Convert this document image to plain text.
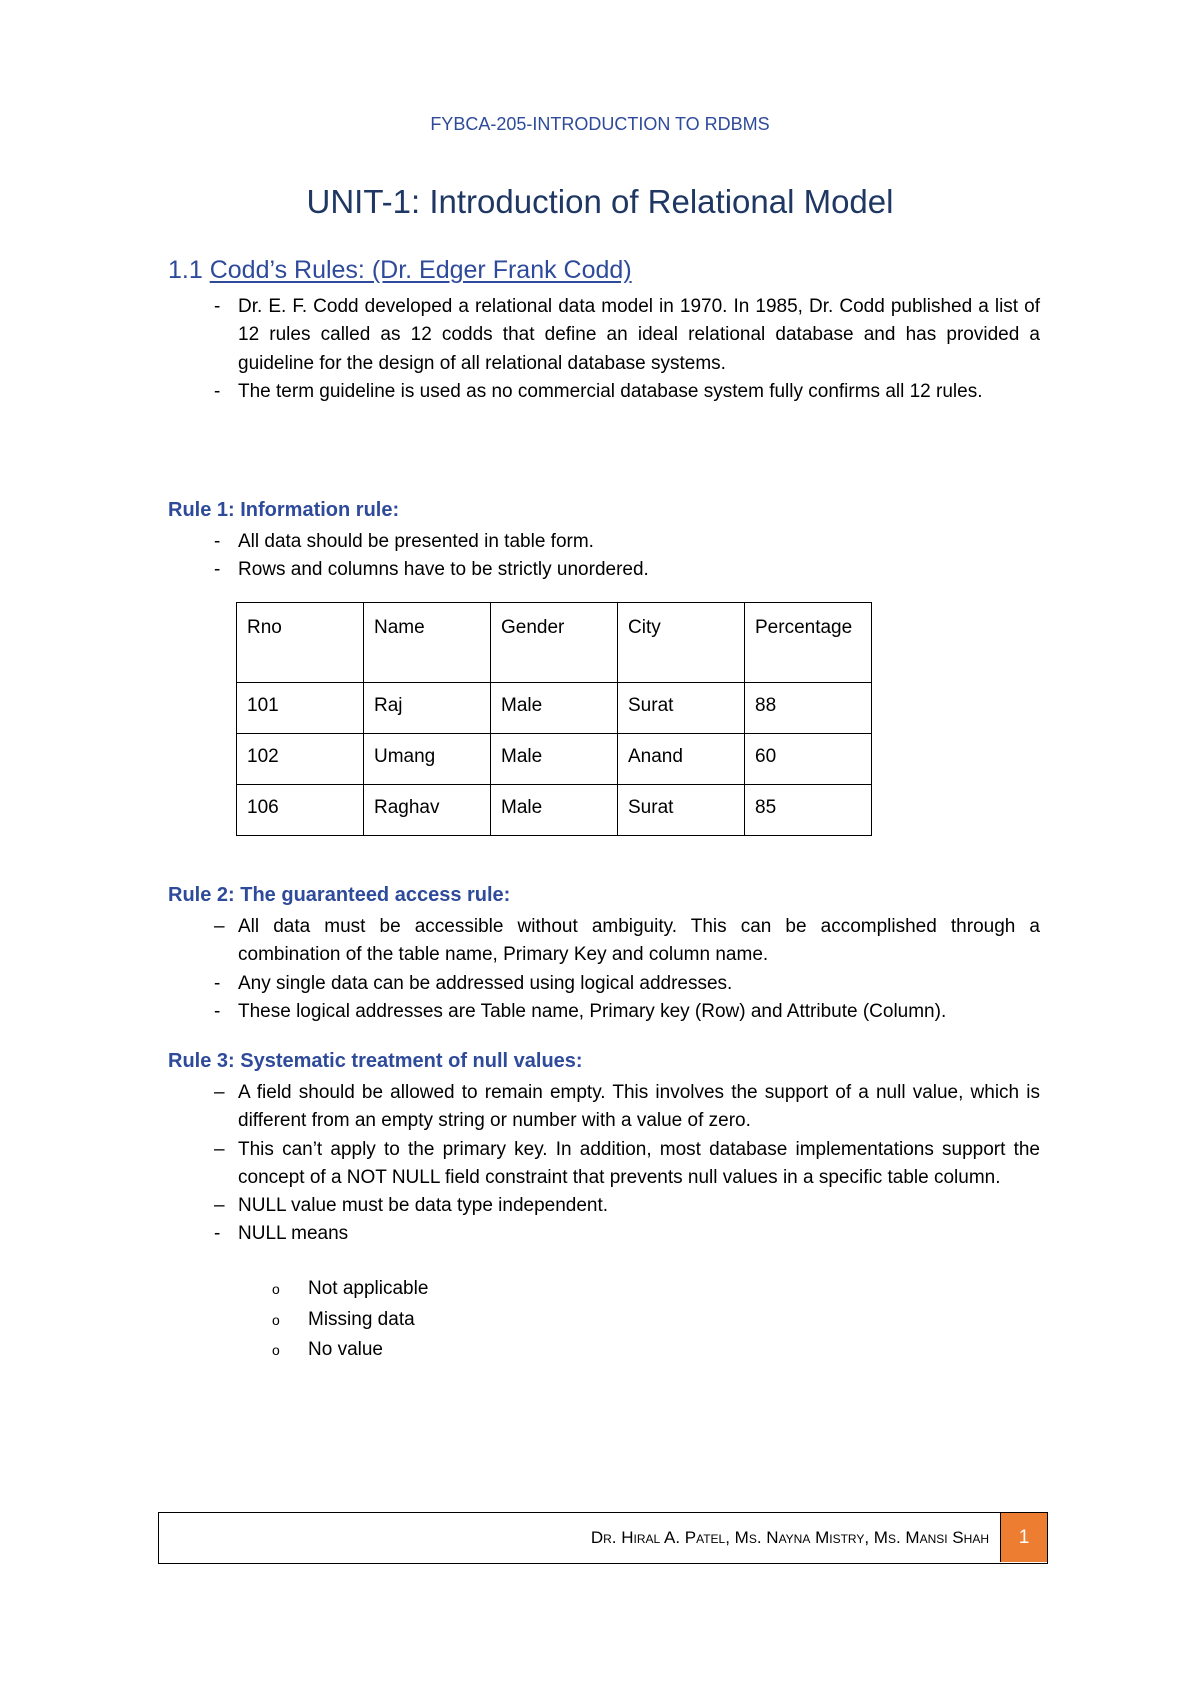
FYBCA-205-INTRODUCTION TO RDBMS
UNIT-1: Introduction of Relational Model
1.1 Codd’s Rules: (Dr. Edger Frank Codd)
- Dr. E. F. Codd developed a relational data model in 1970. In 1985, Dr. Codd published a list of 12 rules called as 12 codds that define an ideal relational database and has provided a guideline for the design of all relational database systems.
- The term guideline is used as no commercial database system fully confirms all 12 rules.
Rule 1: Information rule:
- All data should be presented in table form.
- Rows and columns have to be strictly unordered.
Rno	Name	Gender	City	Percentage

101	Raj	Male	Surat	88
102	Umang	Male	Anand	60
106	Raghav	Male	Surat	85
Rule 2: The guaranteed access rule:
– All data must be accessible without ambiguity. This can be accomplished through a combination of the table name, Primary Key and column name.
- Any single data can be addressed using logical addresses.
- These logical addresses are Table name, Primary key (Row) and Attribute (Column).
Rule 3: Systematic treatment of null values:
– A field should be allowed to remain empty. This involves the support of a null value, which is different from an empty string or number with a value of zero.
– This can’t apply to the primary key. In addition, most database implementations support the concept of a NOT NULL field constraint that prevents null values in a specific table column.
– NULL value must be data type independent.
- NULL means
o	Not applicable
o	Missing data
o	No value
Dr. Hiral A. Patel, Ms. Nayna Mistry, Ms. Mansi Shah	1
